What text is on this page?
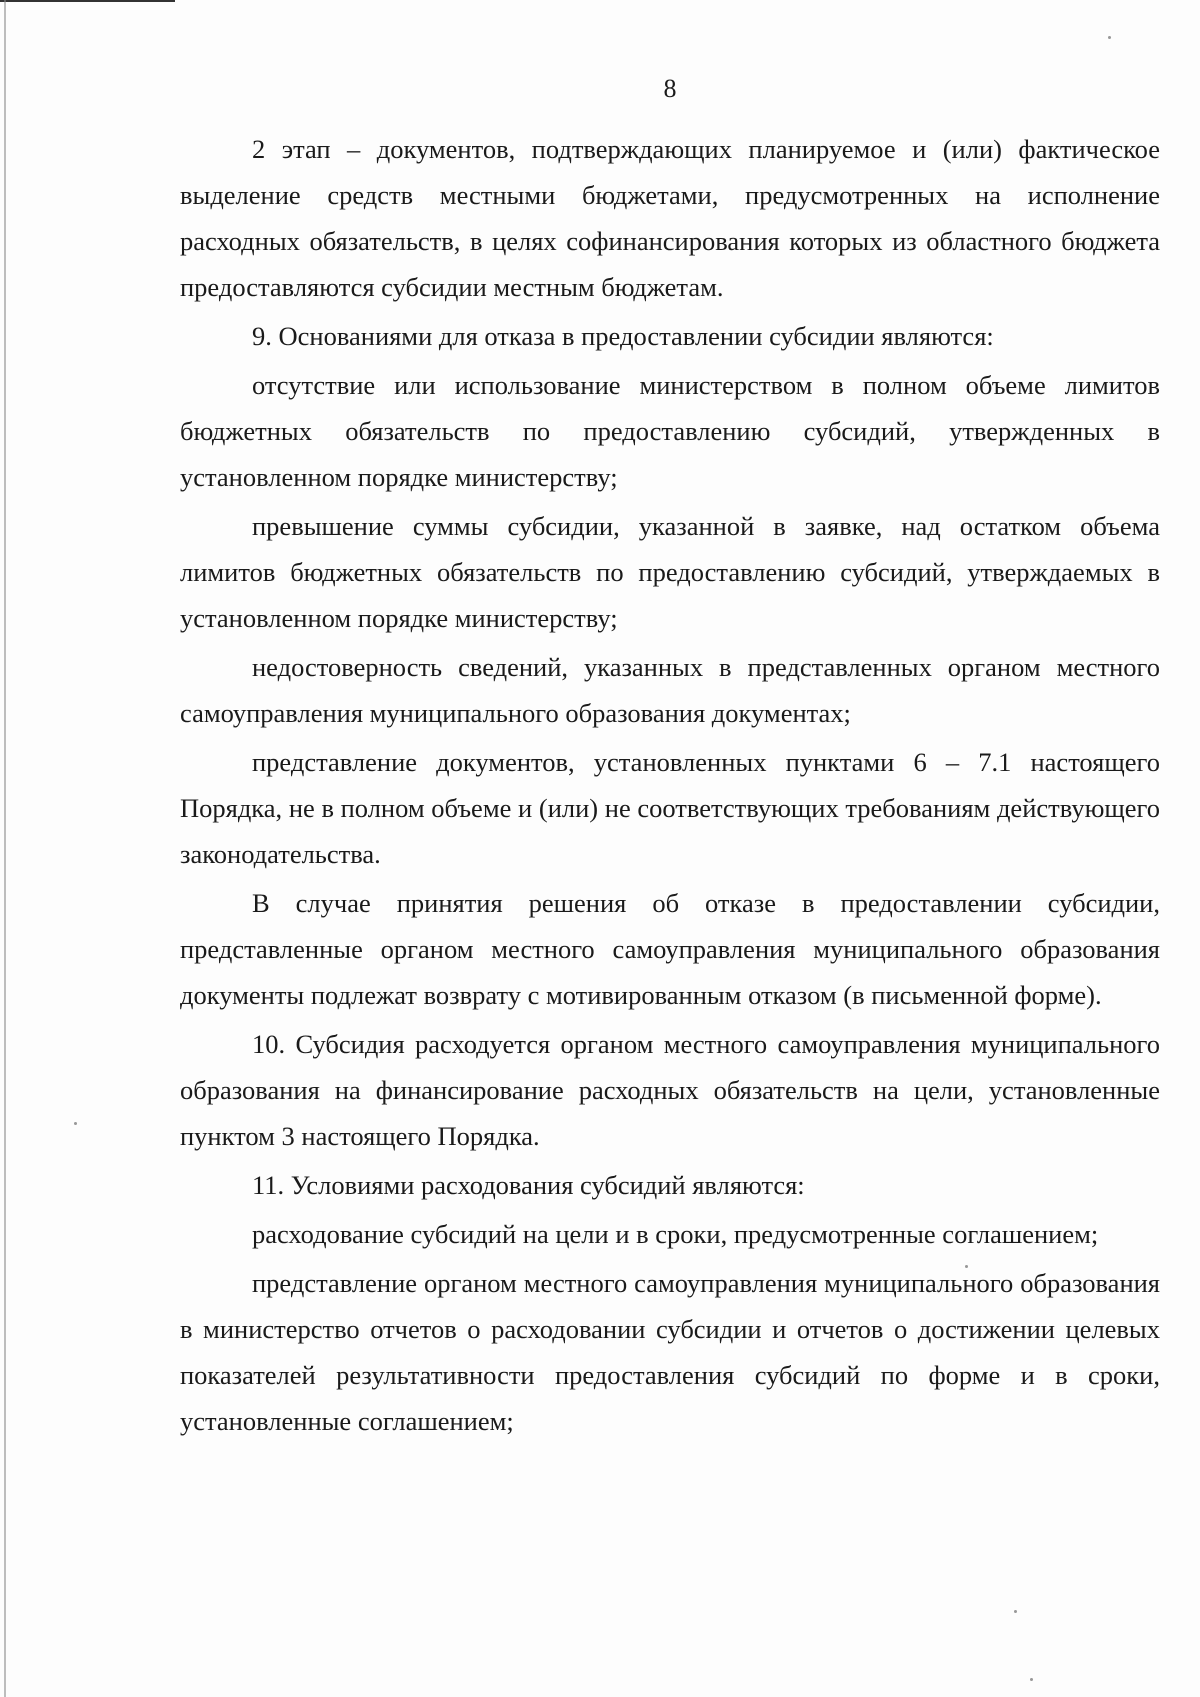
8

2 этап – документов, подтверждающих планируемое и (или) фактическое выделение средств местными бюджетами, предусмотренных на исполнение расходных обязательств, в целях софинансирования которых из областного бюджета предоставляются субсидии местным бюджетам.

9. Основаниями для отказа в предоставлении субсидии являются:

отсутствие или использование министерством в полном объеме лимитов бюджетных обязательств по предоставлению субсидий, утвержденных в установленном порядке министерству;

превышение суммы субсидии, указанной в заявке, над остатком объема лимитов бюджетных обязательств по предоставлению субсидий, утверждаемых в установленном порядке министерству;

недостоверность сведений, указанных в представленных органом местного самоуправления муниципального образования документах;

представление документов, установленных пунктами 6 – 7.1 настоящего Порядка, не в полном объеме и (или) не соответствующих требованиям действующего законодательства.

В случае принятия решения об отказе в предоставлении субсидии, представленные органом местного самоуправления муниципального образования документы подлежат возврату с мотивированным отказом (в письменной форме).

10. Субсидия расходуется органом местного самоуправления муниципального образования на финансирование расходных обязательств на цели, установленные пунктом 3 настоящего Порядка.

11. Условиями расходования субсидий являются:

расходование субсидий на цели и в сроки, предусмотренные соглашением;

представление органом местного самоуправления муниципального образования в министерство отчетов о расходовании субсидии и отчетов о достижении целевых показателей результативности предоставления субсидий по форме и в сроки, установленные соглашением;
